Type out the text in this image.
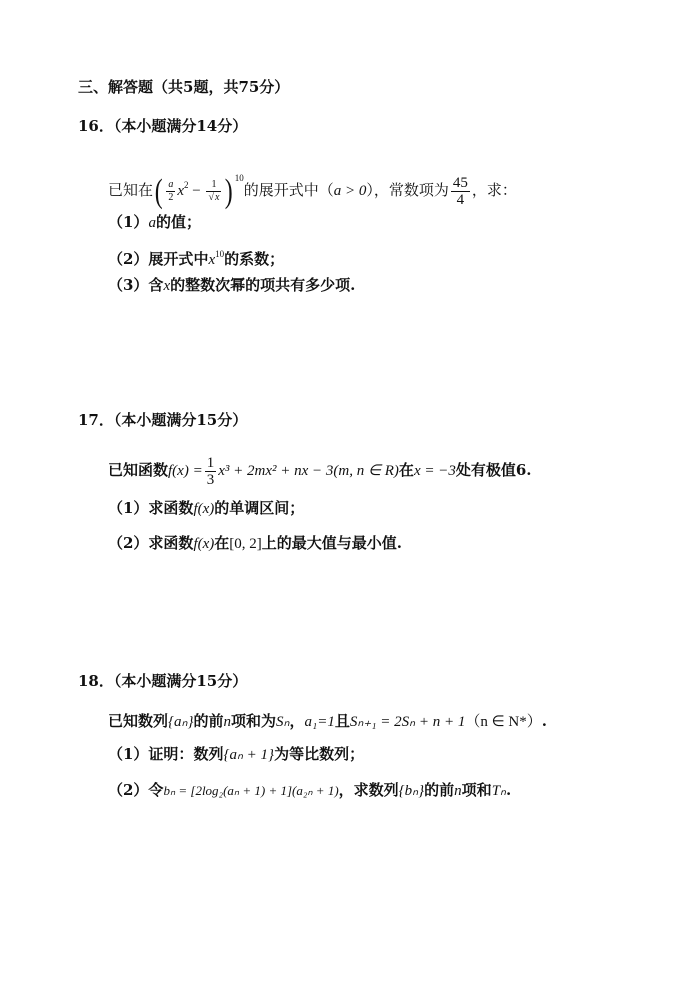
三、解答题（共5题，共75分）
16．（本小题满分14分）
已知在( $\frac{a}{2} x^2 - \frac{1}{√x}$ ) $^{10}$的展开式中（a > 0），常数项为 $\frac{45}{4}$ ，求：
（1）a的值；
（2）展开式中$x^{10}$的系数；
（3）含x的整数次幂的项共有多少项.
17．（本小题满分15分）
已知函数$f(x) = \frac{1}{3} x^3 + 2mx^2$ + nx − 3(m, n ∈ R)在x = −3处有极值6.
（1）求函数f(x)的单调区间；
（2）求函数f(x)在[0, 2]上的最大值与最小值.
18．（本小题满分15分）
已知数列{aₙ}的前n项和为Sₙ，a₁=1且Sₙ₊₁ = 2Sₙ + n + 1（n ∈ N*）.
（1）证明：数列{aₙ + 1}为等比数列；
（2）令bₙ = [2log₂(aₙ + 1) + 1](a₂ₙ + 1)，求数列{bₙ}的前n项和Tₙ.
